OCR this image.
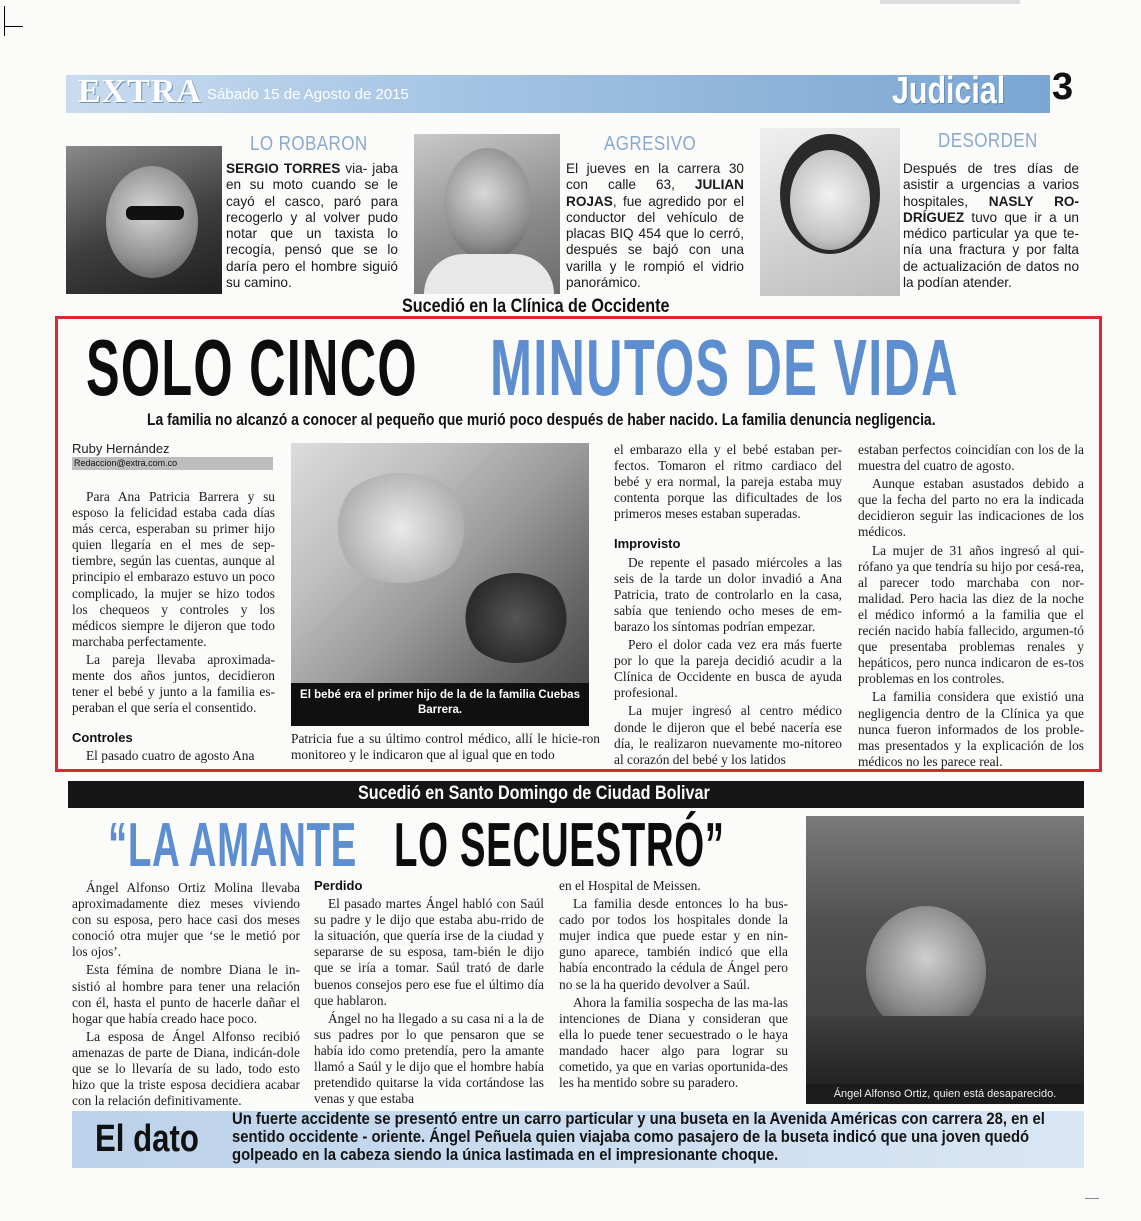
EXTRA Sábado 15 de Agosto de 2015	Judicial 3
LO ROBARON
SERGIO TORRES via- jaba en su moto cuando se le cayó el casco, paró para recogerlo y al volver pudo notar que un taxista lo recogía, pensó que se lo daría pero el hombre siguió su camino.
AGRESIVO
El jueves en la carrera 30 con calle 63, JULIAN ROJAS, fue agredido por el conductor del vehículo de placas BIQ 454 que lo cerró, después se bajó con una varilla y le rompió el vidrio panorámico.
DESORDEN
Después de tres días de asistir a urgencias a varios hospitales, NASLY RO-DRÍGUEZ tuvo que ir a un médico particular ya que te-nía una fractura y por falta de actualización de datos no la podían atender.
Sucedió en la Clínica de Occidente
SOLO CINCO MINUTOS DE VIDA
La familia no alcanzó a conocer al pequeño que murió poco después de haber nacido. La familia denuncia negligencia.
Ruby Hernández
Redaccion@extra.com.co

Para Ana Patricia Barrera y su esposo la felicidad estaba cada días más cerca, esperaban su primer hijo quien llegaría en el mes de sep-tiembre, según las cuentas, aunque al principio el embarazo estuvo un poco complicado, la mujer se hizo todos los chequeos y controles y los médicos siempre le dijeron que todo marchaba perfectamente.

La pareja llevaba aproximada-mente dos años juntos, decidieron tener el bebé y junto a la familia es-peraban el que sería el consentido.

Controles

El pasado cuatro de agosto Ana

El bebé era el primer hijo de la de la familia Cuebas Barrera.

Patricia fue a su último control médico, allí le hicie-ron monitoreo y le indicaron que al igual que en todo

el embarazo ella y el bebé estaban per-fectos. Tomaron el ritmo cardiaco del bebé y era normal, la pareja estaba muy contenta porque las dificultades de los primeros meses estaban superadas.

Improvisto

De repente el pasado miércoles a las seis de la tarde un dolor invadió a Ana Patricia, trato de controlarlo en la casa, sabía que teniendo ocho meses de em-barazo los síntomas podrían empezar.

Pero el dolor cada vez era más fuerte por lo que la pareja decidió acudir a la Clínica de Occidente en busca de ayuda profesional.

La mujer ingresó al centro médico donde le dijeron que el bebé nacería ese día, le realizaron nuevamente mo-nitoreo al corazón del bebé y los latidos

estaban perfectos coincidían con los de la muestra del cuatro de agosto.

Aunque estaban asustados debido a que la fecha del parto no era la indicada decidieron seguir las indicaciones de los médicos.

La mujer de 31 años ingresó al qui-rófano ya que tendría su hijo por cesá-rea, al parecer todo marchaba con nor-malidad. Pero hacia las diez de la noche el médico informó a la familia que el recién nacido había fallecido, argumen-tó que presentaba problemas renales y hepáticos, pero nunca indicaron de es-tos problemas en los controles.

La familia considera que existió una negligencia dentro de la Clínica ya que nunca fueron informados de los proble-mas presentados y la explicación de los médicos no les parece real.

Sucedió en Santo Domingo de Ciudad Bolivar
“LA AMANTE LO SECUESTRÓ”

Ángel Alfonso Ortiz Molina llevaba aproximadamente diez meses viviendo con su esposa, pero hace casi dos meses conoció otra mujer que ‘se le metió por los ojos’.

Esta fémina de nombre Diana le in-sistió al hombre para tener una relación con él, hasta el punto de hacerle dañar el hogar que había creado hace poco.

La esposa de Ángel Alfonso recibió amenazas de parte de Diana, indicán-dole que se lo llevaría de su lado, todo esto hizo que la triste esposa decidiera acabar con la relación definitivamente.

Perdido

El pasado martes Ángel habló con Saúl su padre y le dijo que estaba abu-rrido de la situación, que quería irse de la ciudad y separarse de su esposa, tam-bién le dijo que se iría a tomar. Saúl trató de darle buenos consejos pero ese fue el último día que hablaron.

Ángel no ha llegado a su casa ni a la de sus padres por lo que pensaron que se había ido como pretendía, pero la amante llamó a Saúl y le dijo que el hombre había pretendido quitarse la vida cortándose las venas y que estaba

en el Hospital de Meissen.

La familia desde entonces lo ha bus-cado por todos los hospitales donde la mujer indica que puede estar y en nin-guno aparece, también indicó que ella había encontrado la cédula de Ángel pero no se la ha querido devolver a Saúl.

Ahora la familia sospecha de las ma-las intenciones de Diana y consideran que ella lo puede tener secuestrado o le haya mandado hacer algo para lograr su cometido, ya que en varias oportunida-des les ha mentido sobre su paradero.

Ángel Alfonso Ortiz, quien está desaparecido.
El dato Un fuerte accidente se presentó entre un carro particular y una buseta en la Avenida Américas con carrera 28, en el sentido occidente - oriente. Ángel Peñuela quien viajaba como pasajero de la buseta indicó que una joven quedó golpeado en la cabeza siendo la única lastimada en el impresionante choque.
